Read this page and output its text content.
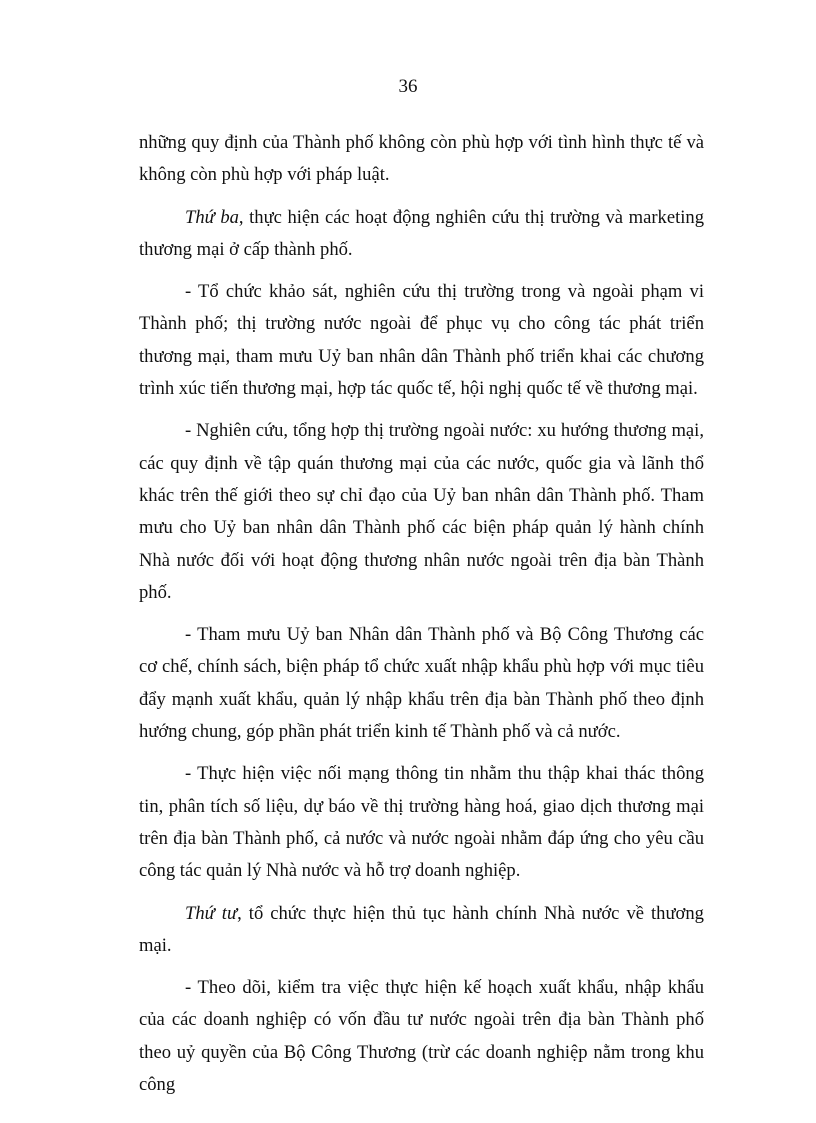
36

những quy định của Thành phố không còn phù hợp với tình hình thực tế và không còn phù hợp với pháp luật.

Thứ ba, thực hiện các hoạt động nghiên cứu thị trường và marketing thương mại ở cấp thành phố.

- Tổ chức khảo sát, nghiên cứu thị trường trong và ngoài phạm vi Thành phố; thị trường nước ngoài để phục vụ cho công tác phát triển thương mại, tham mưu Uỷ ban nhân dân Thành phố triển khai các chương trình xúc tiến thương mại, hợp tác quốc tế, hội nghị quốc tế về thương mại.

- Nghiên cứu, tổng hợp thị trường ngoài nước: xu hướng thương mại, các quy định về tập quán thương mại của các nước, quốc gia và lãnh thổ khác trên thế giới theo sự chỉ đạo của Uỷ ban nhân dân Thành phố. Tham mưu cho Uỷ ban nhân dân Thành phố các biện pháp quản lý hành chính Nhà nước đối với hoạt động thương nhân nước ngoài trên địa bàn Thành phố.

- Tham mưu Uỷ ban Nhân dân Thành phố và Bộ Công Thương các cơ chế, chính sách, biện pháp tổ chức xuất nhập khẩu phù hợp với mục tiêu đẩy mạnh xuất khẩu, quản lý nhập khẩu trên địa bàn Thành phố theo định hướng chung, góp phần phát triển kinh tế Thành phố và cả nước.

- Thực hiện việc nối mạng thông tin nhằm thu thập khai thác thông tin, phân tích số liệu, dự báo về thị trường hàng hoá, giao dịch thương mại trên địa bàn Thành phố, cả nước và nước ngoài nhằm đáp ứng cho yêu cầu công tác quản lý Nhà nước và hỗ trợ doanh nghiệp.

Thứ tư, tổ chức thực hiện thủ tục hành chính Nhà nước về thương mại.

- Theo dõi, kiểm tra việc thực hiện kế hoạch xuất khẩu, nhập khẩu của các doanh nghiệp có vốn đầu tư nước ngoài trên địa bàn Thành phố theo uỷ quyền của Bộ Công Thương (trừ các doanh nghiệp nằm trong khu công
